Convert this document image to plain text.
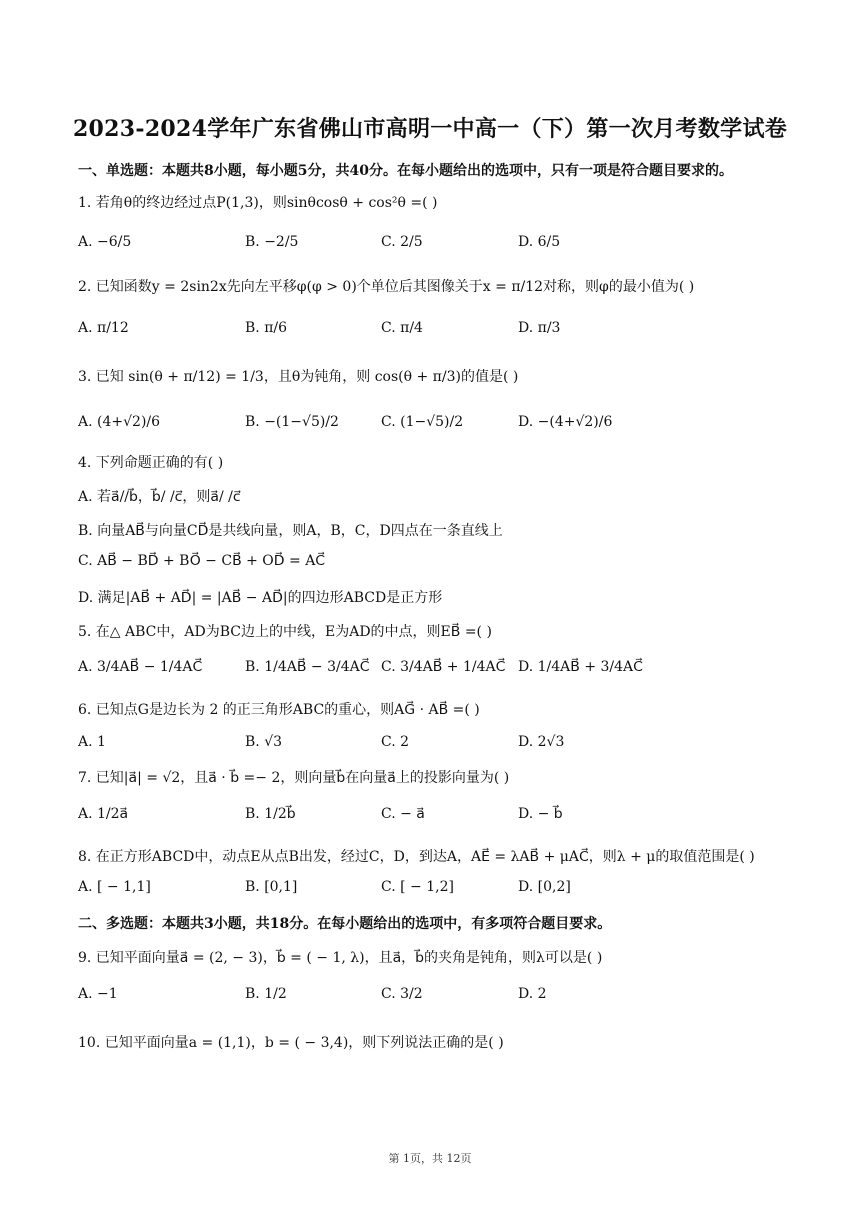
2023-2024学年广东省佛山市高明一中高一（下）第一次月考数学试卷
一、单选题：本题共8小题，每小题5分，共40分。在每小题给出的选项中，只有一项是符合题目要求的。
1. 若角θ的终边经过点P(1,3)，则sinθcosθ + cos²θ =( )
A. −6/5	B. −2/5	C. 2/5	D. 6/5
2. 已知函数y = 2sin2x先向左平移φ(φ > 0)个单位后其图像关于x = π/12对称，则φ的最小值为( )
A. π/12	B. π/6	C. π/4	D. π/3
3. 已知 sin(θ + π/12) = 1/3，且θ为钝角，则 cos(θ + π/3)的值是( )
A. (4+√2)/6	B. −(1−√5)/2	C. (1−√5)/2	D. −(4+√2)/6
4. 下列命题正确的有( )
A. 若a⃗//b⃗，b⃗/ /c⃗，则a⃗/ /c⃗
B. 向量AB⃗与向量CD⃗是共线向量，则A，B，C，D四点在一条直线上
C. AB⃗ − BD⃗ + BO⃗ − CB⃗ + OD⃗ = AC⃗
D. 满足|AB⃗ + AD⃗| = |AB⃗ − AD⃗|的四边形ABCD是正方形
5. 在△ ABC中，AD为BC边上的中线，E为AD的中点，则EB⃗ =( )
A. 3/4AB⃗ − 1/4AC⃗	B. 1/4AB⃗ − 3/4AC⃗ C. 3/4AB⃗ + 1/4AC⃗ D. 1/4AB⃗ + 3/4AC⃗
6. 已知点G是边长为 2 的正三角形ABC的重心，则AG⃗ · AB⃗ =( )
A. 1	B. √3	C. 2	D. 2√3
7. 已知|a⃗| = √2，且a⃗ · b⃗ =− 2，则向量b⃗在向量a⃗上的投影向量为( )
A. 1/2a⃗	B. 1/2b⃗	C. − a⃗	D. − b⃗
8. 在正方形ABCD中，动点E从点B出发，经过C，D，到达A，AE⃗ = λAB⃗ + μAC⃗，则λ + μ的取值范围是( )
A. [ − 1,1]	B. [0,1]	C. [ − 1,2]	D. [0,2]
二、多选题：本题共3小题，共18分。在每小题给出的选项中，有多项符合题目要求。
9. 已知平面向量a⃗ = (2, − 3)，b⃗ = ( − 1, λ)，且a⃗，b⃗的夹角是钝角，则λ可以是( )
A. −1	B. 1/2	C. 3/2	D. 2
10. 已知平面向量a = (1,1)，b = ( − 3,4)，则下列说法正确的是( )
第 1页，共 12页
